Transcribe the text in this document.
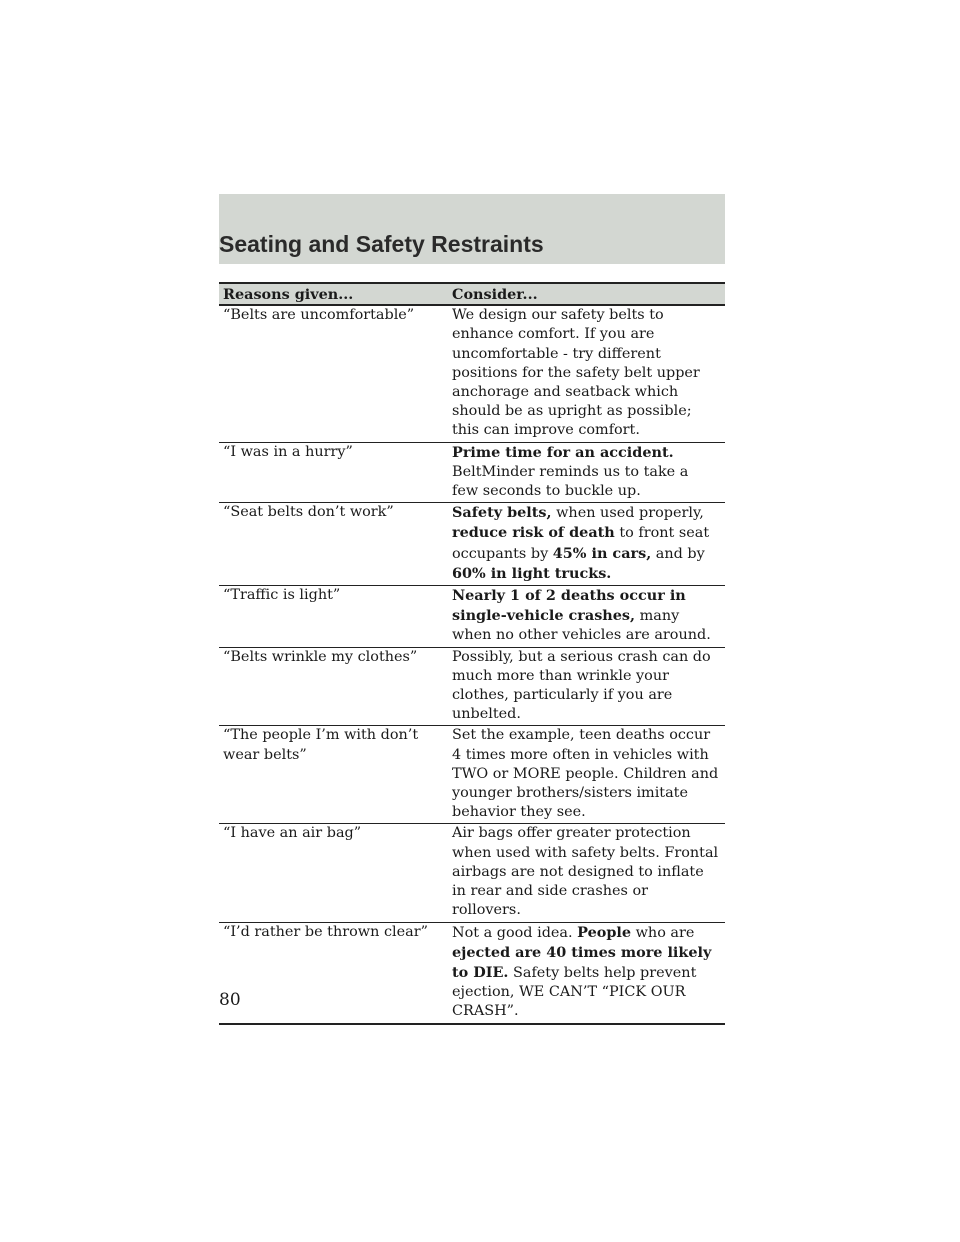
Seating and Safety Restraints
Reasons given...	Consider...
“Belts are uncomfortable”	We design our safety belts to enhance comfort. If you are uncomfortable - try different positions for the safety belt upper anchorage and seatback which should be as upright as possible; this can improve comfort.
“I was in a hurry”	Prime time for an accident. BeltMinder reminds us to take a few seconds to buckle up.
“Seat belts don’t work”	Safety belts, when used properly, reduce risk of death to front seat occupants by 45% in cars, and by 60% in light trucks.
“Traffic is light”	Nearly 1 of 2 deaths occur in single-vehicle crashes, many when no other vehicles are around.
“Belts wrinkle my clothes”	Possibly, but a serious crash can do much more than wrinkle your clothes, particularly if you are unbelted.
“The people I’m with don’t wear belts”	Set the example, teen deaths occur 4 times more often in vehicles with TWO or MORE people. Children and younger brothers/sisters imitate behavior they see.
“I have an air bag”	Air bags offer greater protection when used with safety belts. Frontal airbags are not designed to inflate in rear and side crashes or rollovers.
“I’d rather be thrown clear”	Not a good idea. People who are ejected are 40 times more likely to DIE. Safety belts help prevent ejection, WE CAN’T “PICK OUR CRASH”.
80
